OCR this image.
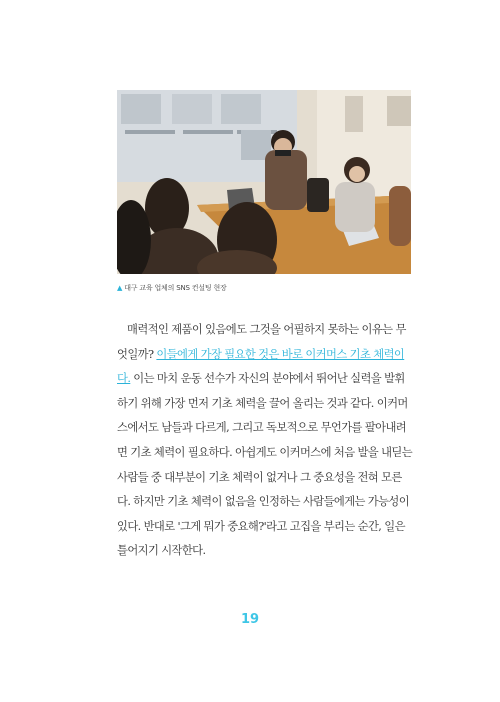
▲ 대구 교육 업체의 SNS 컨설팅 현장
매력적인 제품이 있음에도 그것을 어필하지 못하는 이유는 무
엇일까? 이들에게 가장 필요한 것은 바로 이커머스 기초 체력이
다. 이는 마치 운동 선수가 자신의 분야에서 뛰어난 실력을 발휘
하기 위해 가장 먼저 기초 체력을 끌어 올리는 것과 같다. 이커머
스에서도 남들과 다르게, 그리고 독보적으로 무언가를 팔아내려
면 기초 체력이 필요하다. 아쉽게도 이커머스에 처음 발을 내딛는
사람들 중 대부분이 기초 체력이 없거나 그 중요성을 전혀 모른
다. 하지만 기초 체력이 없음을 인정하는 사람들에게는 가능성이
있다. 반대로 '그게 뭐가 중요해?'라고 고집을 부리는 순간, 일은
틀어지기 시작한다.
19
